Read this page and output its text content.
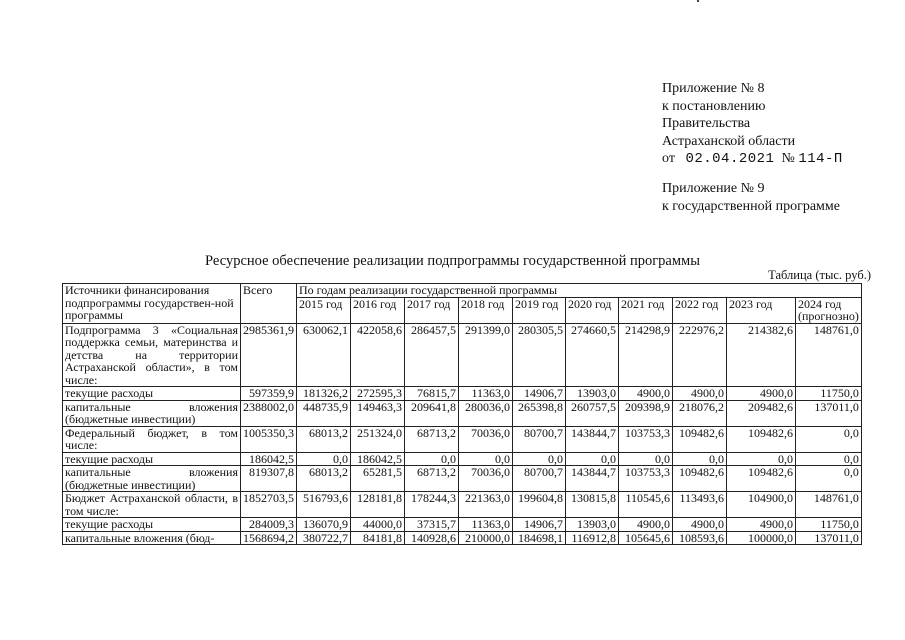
Приложение № 8
к постановлению
Правительства
Астраханской области
от 02.04.2021 № 114-П
Приложение № 9
к государственной программе
Ресурсное обеспечение реализации подпрограммы государственной программы
Таблица (тыс. руб.)
Источники финансирования подпрограммы государствен-ной программы	Всего	По годам реализации государственной программы									
		2015 год	2016 год	2017 год	2018 год	2019 год	2020 год	2021 год	2022 год	2023 год	2024 год (прогнозно)
Подпрограмма 3 «Социальная поддержка семьи, материнства и детства на территории Астраханской области», в том числе:	2985361,9	630062,1	422058,6	286457,5	291399,0	280305,5	274660,5	214298,9	222976,2	214382,6	148761,0
текущие расходы	597359,9	181326,2	272595,3	76815,7	11363,0	14906,7	13903,0	4900,0	4900,0	4900,0	11750,0
капитальные вложения (бюджетные инвестиции)	2388002,0	448735,9	149463,3	209641,8	280036,0	265398,8	260757,5	209398,9	218076,2	209482,6	137011,0
Федеральный бюджет, в том числе:	1005350,3	68013,2	251324,0	68713,2	70036,0	80700,7	143844,7	103753,3	109482,6	109482,6	0,0
текущие расходы	186042,5	0,0	186042,5	0,0	0,0	0,0	0,0	0,0	0,0	0,0	0,0
капитальные вложения (бюджетные инвестиции)	819307,8	68013,2	65281,5	68713,2	70036,0	80700,7	143844,7	103753,3	109482,6	109482,6	0,0
Бюджет Астраханской области, в том числе:	1852703,5	516793,6	128181,8	178244,3	221363,0	199604,8	130815,8	110545,6	113493,6	104900,0	148761,0
текущие расходы	284009,3	136070,9	44000,0	37315,7	11363,0	14906,7	13903,0	4900,0	4900,0	4900,0	11750,0
капитальные вложения (бюд-	1568694,2	380722,7	84181,8	140928,6	210000,0	184698,1	116912,8	105645,6	108593,6	100000,0	137011,0
